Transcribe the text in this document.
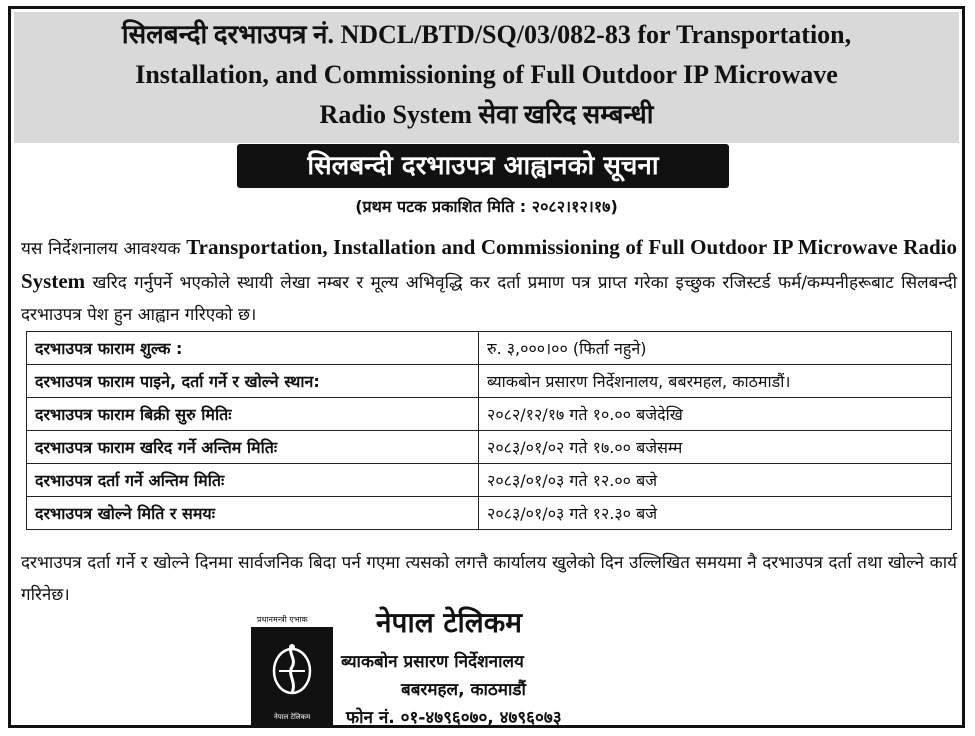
सिलबन्दी दरभाउपत्र नं. NDCL/BTD/SQ/03/082-83 for Transportation,
Installation, and Commissioning of Full Outdoor IP Microwave
Radio System सेवा खरिद सम्बन्धी
सिलबन्दी दरभाउपत्र आह्वानको सूचना
(प्रथम पटक प्रकाशित मिति : २०८२।१२।१७)
यस निर्देशनालय आवश्यक Transportation, Installation and Commissioning of Full Outdoor IP Microwave Radio System खरिद गर्नुपर्ने भएकोले स्थायी लेखा नम्बर र मूल्य अभिवृद्धि कर दर्ता प्रमाण पत्र प्राप्त गरेका इच्छुक रजिस्टर्ड फर्म/कम्पनीहरूबाट सिलबन्दी दरभाउपत्र पेश हुन आह्वान गरिएको छ।
दरभाउपत्र फाराम शुल्क :	रु. ३,०००।०० (फिर्ता नहुने)
दरभाउपत्र फाराम पाइने, दर्ता गर्ने र खोल्ने स्थान:	ब्याकबोन प्रसारण निर्देशनालय, बबरमहल, काठमाडौं।
दरभाउपत्र फाराम बिक्री सुरु मितिः	२०८२/१२/१७ गते १०.०० बजेदेखि
दरभाउपत्र फाराम खरिद गर्ने अन्तिम मितिः	२०८३/०१/०२ गते १७.०० बजेसम्म
दरभाउपत्र दर्ता गर्ने अन्तिम मितिः	२०८३/०१/०३ गते १२.०० बजे
दरभाउपत्र खोल्ने मिति र समयः	२०८३/०१/०३ गते १२.३० बजे
दरभाउपत्र दर्ता गर्ने र खोल्ने दिनमा सार्वजनिक बिदा पर्न गएमा त्यसको लगत्तै कार्यालय खुलेको दिन उल्लिखित समयमा नै दरभाउपत्र दर्ता तथा खोल्ने कार्य गरिनेछ।
प्रधानमन्त्री एभाक
नेपाल टेलिकम
नेपाल टेलिकम
ब्याकबोन प्रसारण निर्देशनालय
बबरमहल, काठमाडौं
फोन नं. ०१-४७९६०७०, ४७९६०७३
